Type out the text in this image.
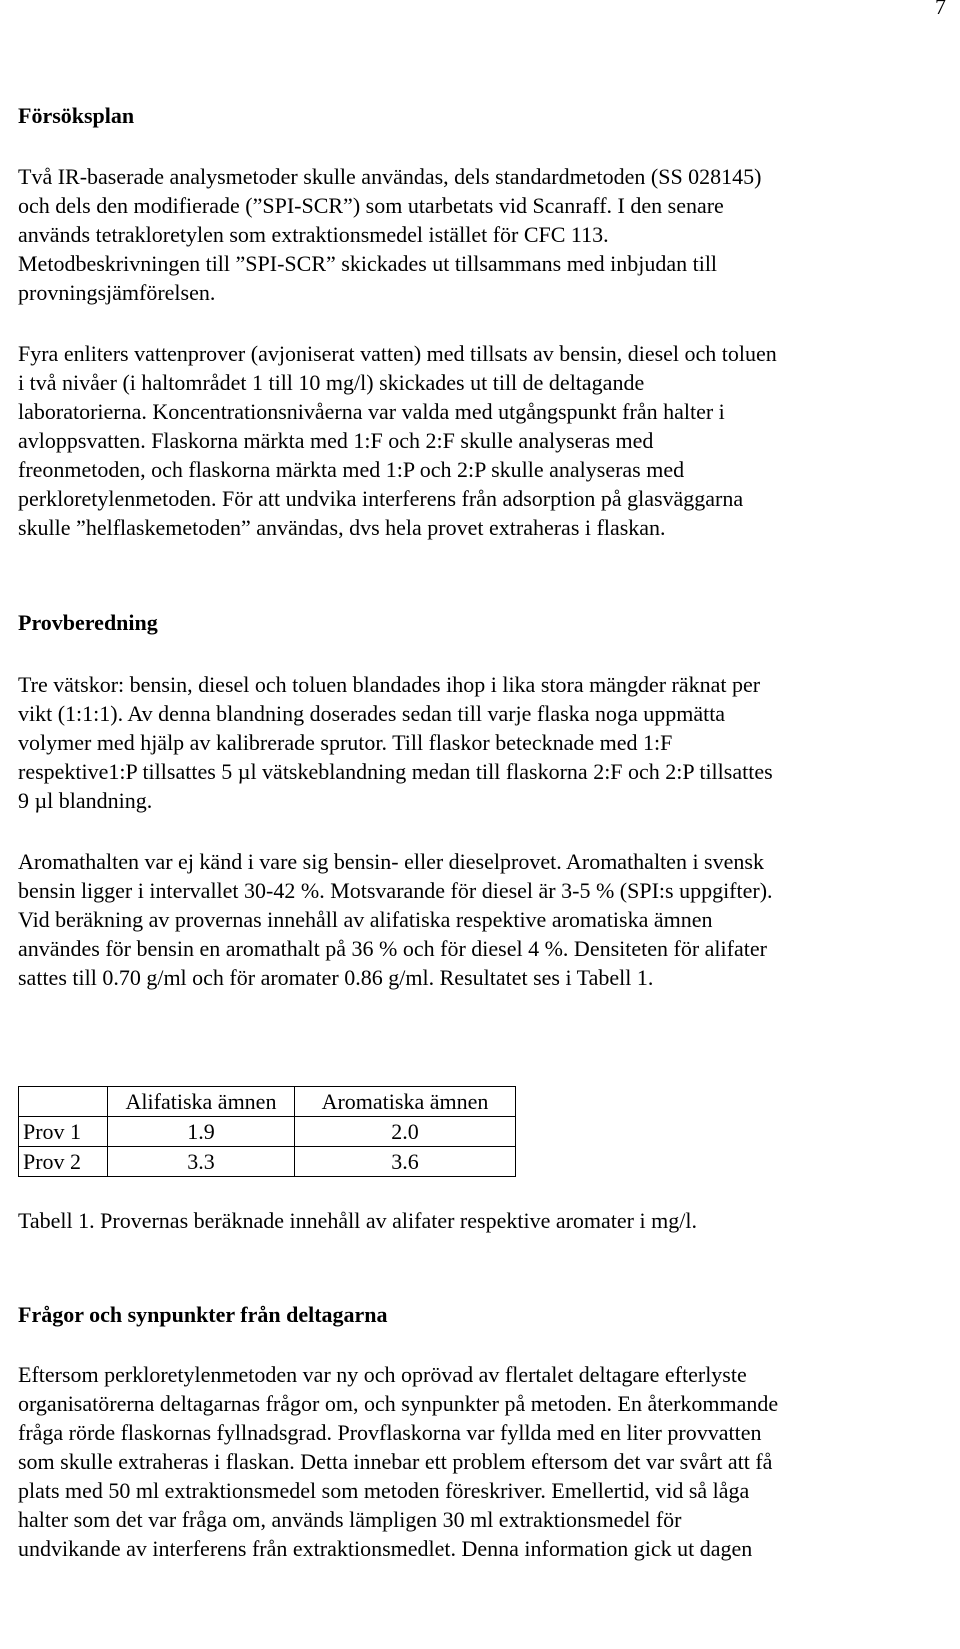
7
Försöksplan

Två IR-baserade analysmetoder skulle användas, dels standardmetoden (SS 028145)
och dels den modifierade (”SPI-SCR”) som utarbetats vid Scanraff. I den senare
används tetrakloretylen som extraktionsmedel istället för CFC 113.
Metodbeskrivningen till ”SPI-SCR” skickades ut tillsammans med inbjudan till
provningsjämförelsen.

Fyra enliters vattenprover (avjoniserat vatten) med tillsats av bensin, diesel och toluen
i två nivåer (i haltområdet 1 till 10 mg/l) skickades ut till de deltagande
laboratorierna. Koncentrationsnivåerna var valda med utgångspunkt från halter i
avloppsvatten. Flaskorna märkta med 1:F och 2:F skulle analyseras med
freonmetoden, och flaskorna märkta med 1:P och 2:P skulle analyseras med
perkloretylenmetoden. För att undvika interferens från adsorption på glasväggarna
skulle ”helflaskemetoden” användas, dvs hela provet extraheras i flaskan.

Provberedning

Tre vätskor: bensin, diesel och toluen blandades ihop i lika stora mängder räknat per
vikt (1:1:1). Av denna blandning doserades sedan till varje flaska noga uppmätta
volymer med hjälp av kalibrerade sprutor. Till flaskor betecknade med 1:F
respektive1:P tillsattes 5 µl vätskeblandning medan till flaskorna 2:F och 2:P tillsattes
9 µl blandning.

Aromathalten var ej känd i vare sig bensin- eller dieselprovet. Aromathalten i svensk
bensin ligger i intervallet 30-42 %. Motsvarande för diesel är 3-5 % (SPI:s uppgifter).
Vid beräkning av provernas innehåll av alifatiska respektive aromatiska ämnen
användes för bensin en aromathalt på 36 % och för diesel 4 %. Densiteten för alifater
sattes till 0.70 g/ml och för aromater 0.86 g/ml. Resultatet ses i Tabell 1.

	Alifatiska ämnen	Aromatiska ämnen
Prov 1	1.9	2.0
Prov 2	3.3	3.6
Tabell 1. Provernas beräknade innehåll av alifater respektive aromater i mg/l.
Frågor och synpunkter från deltagarna

Eftersom perkloretylenmetoden var ny och oprövad av flertalet deltagare efterlyste
organisatörerna deltagarnas frågor om, och synpunkter på metoden. En återkommande
fråga rörde flaskornas fyllnadsgrad. Provflaskorna var fyllda med en liter provvatten
som skulle extraheras i flaskan. Detta innebar ett problem eftersom det var svårt att få
plats med 50 ml extraktionsmedel som metoden föreskriver. Emellertid, vid så låga
halter som det var fråga om, används lämpligen 30 ml extraktionsmedel för
undvikande av interferens från extraktionsmedlet. Denna information gick ut dagen
